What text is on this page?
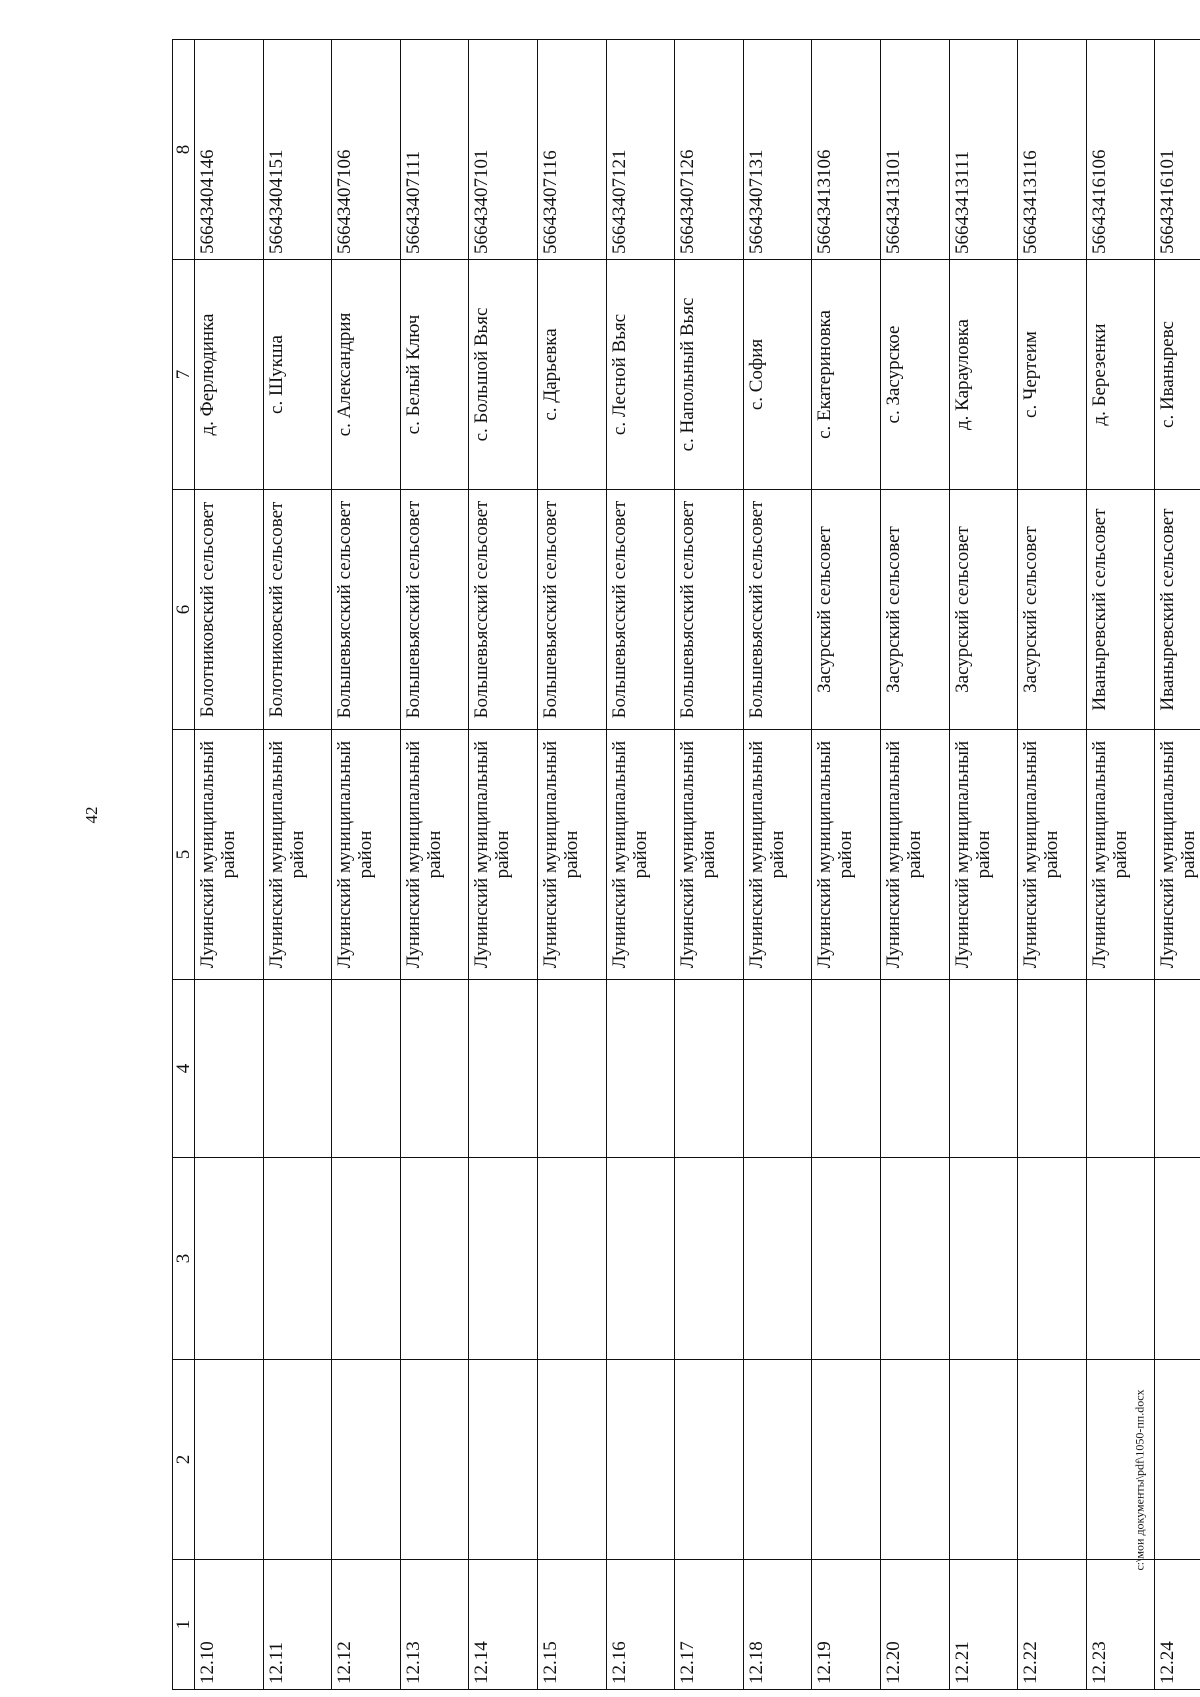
42
1	2	3	4	5	6	7	8
12.10				Лунинский муниципальный район	Болотниковский сельсовет	д. Ферлюдинка	56643404146
12.11				Лунинский муниципальный район	Болотниковский сельсовет	с. Шукша	56643404151
12.12				Лунинский муниципальный район	Большевьясский сельсовет	с. Александрия	56643407106
12.13				Лунинский муниципальный район	Большевьясский сельсовет	с. Белый Ключ	56643407111
12.14				Лунинский муниципальный район	Большевьясский сельсовет	с. Большой Вьяс	56643407101
12.15				Лунинский муниципальный район	Большевьясский сельсовет	с. Дарьевка	56643407116
12.16				Лунинский муниципальный район	Большевьясский сельсовет	с. Лесной Вьяс	56643407121
12.17				Лунинский муниципальный район	Большевьясский сельсовет	с. Напольный Вьяс	56643407126
12.18				Лунинский муниципальный район	Большевьясский сельсовет	с. София	56643407131
12.19				Лунинский муниципальный район	Засурский сельсовет	с. Екатериновка	56643413106
12.20				Лунинский муниципальный район	Засурский сельсовет	с. Засурское	56643413101
12.21				Лунинский муниципальный район	Засурский сельсовет	д. Карауловка	56643413111
12.22				Лунинский муниципальный район	Засурский сельсовет	с. Чертеим	56643413116
12.23				Лунинский муниципальный район	Иваныревский сельсовет	д. Березенки	56643416106
12.24				Лунинский муниципальный район	Иваныревский сельсовет	с. Иваныревс	56643416101
c:\мои документы\pdf\1050-пп.docx
